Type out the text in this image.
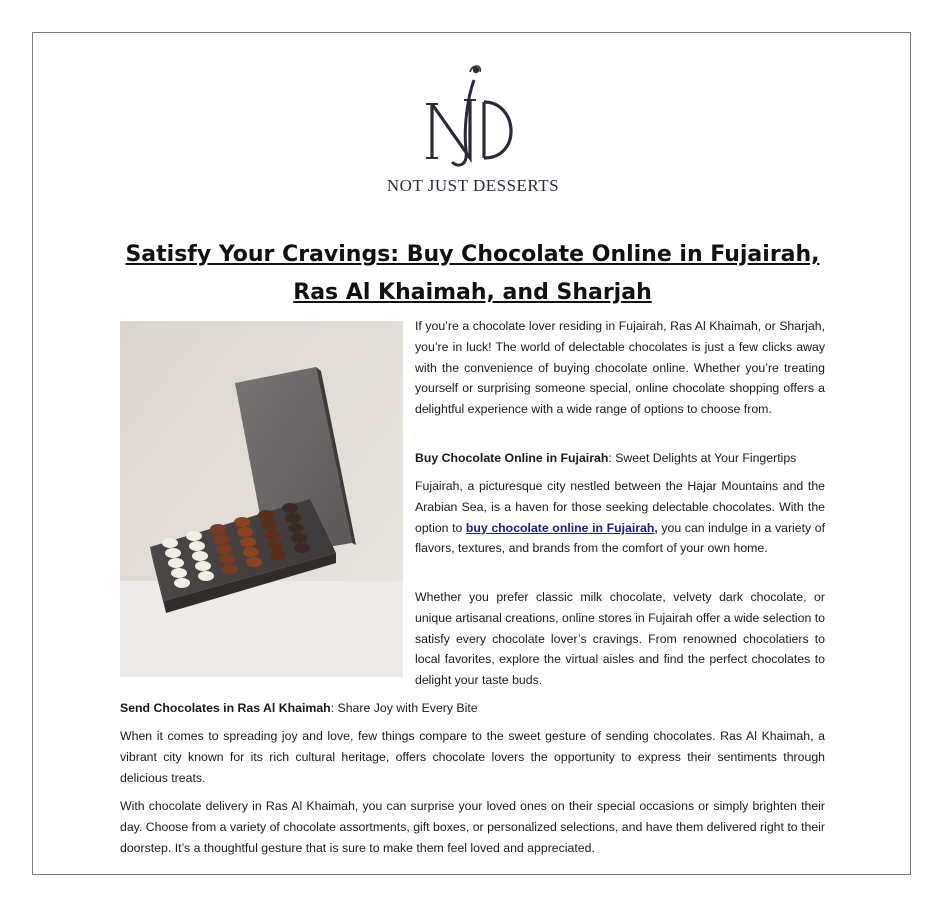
NOT JUST DESSERTS
Satisfy Your Cravings: Buy Chocolate Online in Fujairah, Ras Al Khaimah, and Sharjah

If you’re a chocolate lover residing in Fujairah, Ras Al Khaimah, or Sharjah, you’re in luck! The world of delectable chocolates is just a few clicks away with the convenience of buying chocolate online. Whether you’re treating yourself or surprising someone special, online chocolate shopping offers a delightful experience with a wide range of options to choose from.

Buy Chocolate Online in Fujairah: Sweet Delights at Your Fingertips

Fujairah, a picturesque city nestled between the Hajar Mountains and the Arabian Sea, is a haven for those seeking delectable chocolates. With the option to buy chocolate online in Fujairah, you can indulge in a variety of flavors, textures, and brands from the comfort of your own home.

Whether you prefer classic milk chocolate, velvety dark chocolate, or unique artisanal creations, online stores in Fujairah offer a wide selection to satisfy every chocolate lover’s cravings. From renowned chocolatiers to local favorites, explore the virtual aisles and find the perfect chocolates to delight your taste buds.

Send Chocolates in Ras Al Khaimah: Share Joy with Every Bite

When it comes to spreading joy and love, few things compare to the sweet gesture of sending chocolates. Ras Al Khaimah, a vibrant city known for its rich cultural heritage, offers chocolate lovers the opportunity to express their sentiments through delicious treats.

With chocolate delivery in Ras Al Khaimah, you can surprise your loved ones on their special occasions or simply brighten their day. Choose from a variety of chocolate assortments, gift boxes, or personalized selections, and have them delivered right to their doorstep. It’s a thoughtful gesture that is sure to make them feel loved and appreciated.
